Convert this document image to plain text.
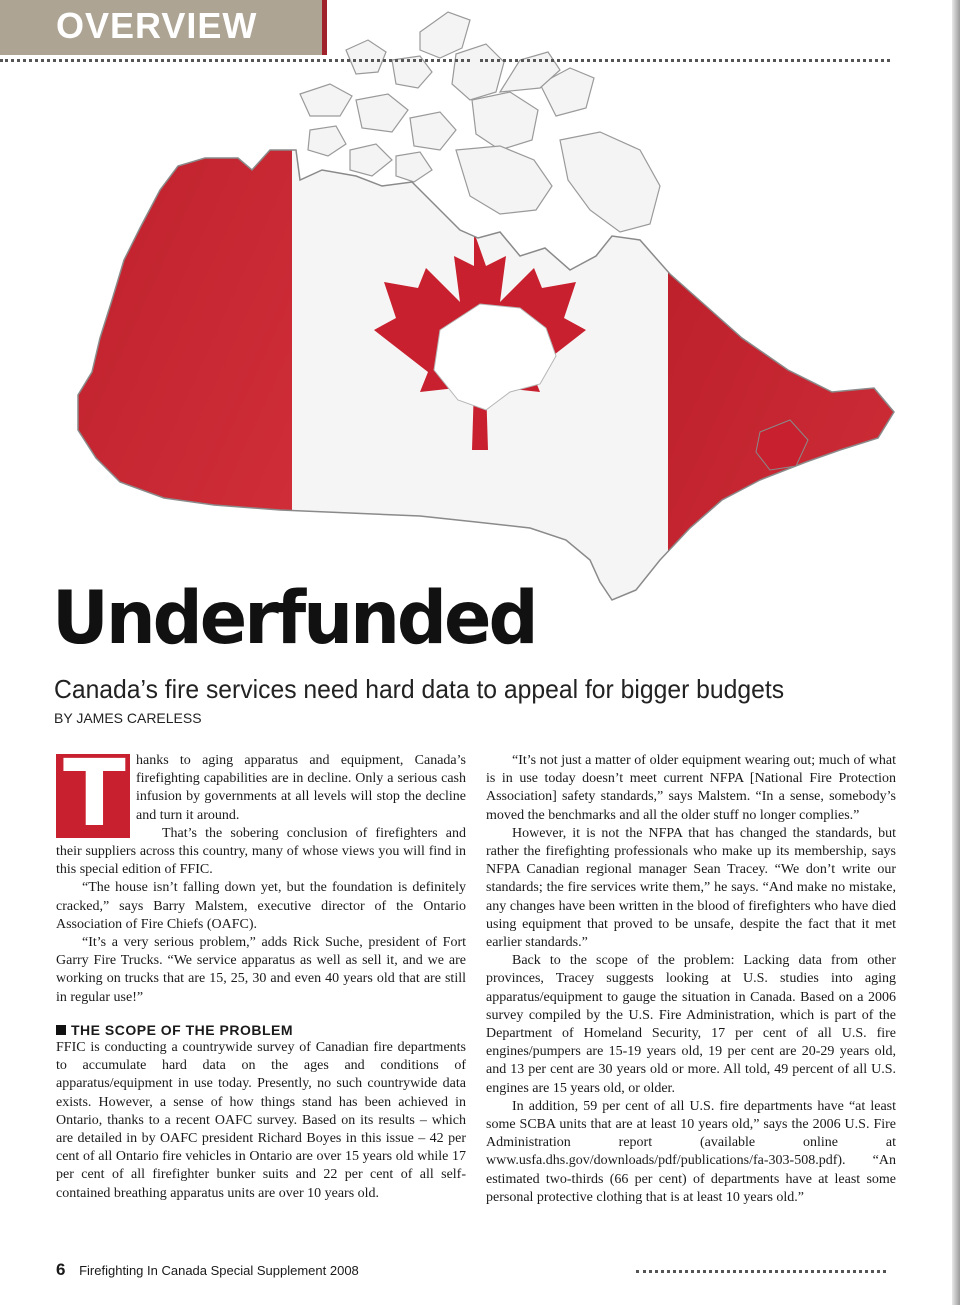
OVERVIEW
Underfunded
Canada’s fire services need hard data to appeal for bigger budgets
BY JAMES CARELESS
T hanks to aging apparatus and equipment, Canada’s firefighting capabilities are in decline. Only a serious cash infusion by governments at all levels will stop the decline and turn it around.

That’s the sobering conclusion of firefighters and their suppliers across this country, many of whose views you will find in this special edition of FFIC.

“The house isn’t falling down yet, but the foundation is definitely cracked,” says Barry Malstem, executive director of the Ontario Association of Fire Chiefs (OAFC).

“It’s a very serious problem,” adds Rick Suche, president of Fort Garry Fire Trucks. “We service apparatus as well as sell it, and we are working on trucks that are 15, 25, 30 and even 40 years old that are still in regular use!”

THE SCOPE OF THE PROBLEM

FFIC is conducting a countrywide survey of Canadian fire departments to accumulate hard data on the ages and conditions of apparatus/equipment in use today. Presently, no such countrywide data exists. However, a sense of how things stand has been achieved in Ontario, thanks to a recent OAFC survey. Based on its results – which are detailed in by OAFC president Richard Boyes in this issue – 42 per cent of all Ontario fire vehicles in Ontario are over 15 years old while 17 per cent of all firefighter bunker suits and 22 per cent of all self-contained breathing apparatus units are over 10 years old.

“It’s not just a matter of older equipment wearing out; much of what is in use today doesn’t meet current NFPA [National Fire Protection Association] safety standards,” says Malstem. “In a sense, somebody’s moved the benchmarks and all the older stuff no longer complies.”

However, it is not the NFPA that has changed the standards, but rather the firefighting professionals who make up its membership, says NFPA Canadian regional manager Sean Tracey. “We don’t write our standards; the fire services write them,” he says. “And make no mistake, any changes have been written in the blood of firefighters who have died using equipment that proved to be unsafe, despite the fact that it met earlier standards.”

Back to the scope of the problem: Lacking data from other provinces, Tracey suggests looking at U.S. studies into aging apparatus/equipment to gauge the situation in Canada. Based on a 2006 survey compiled by the U.S. Fire Administration, which is part of the Department of Homeland Security, 17 per cent of all U.S. fire engines/pumpers are 15-19 years old, 19 per cent are 20-29 years old, and 13 per cent are 30 years old or more. All told, 49 percent of all U.S. engines are 15 years old, or older.

In addition, 59 per cent of all U.S. fire departments have “at least some SCBA units that are at least 10 years old,” says the 2006 U.S. Fire Administration report (available online at www.usfa.dhs.gov/downloads/pdf/publications/fa-303-508.pdf). “An estimated two-thirds (66 per cent) of departments have at least some personal protective clothing that is at least 10 years old.”

6 Firefighting In Canada Special Supplement 2008
